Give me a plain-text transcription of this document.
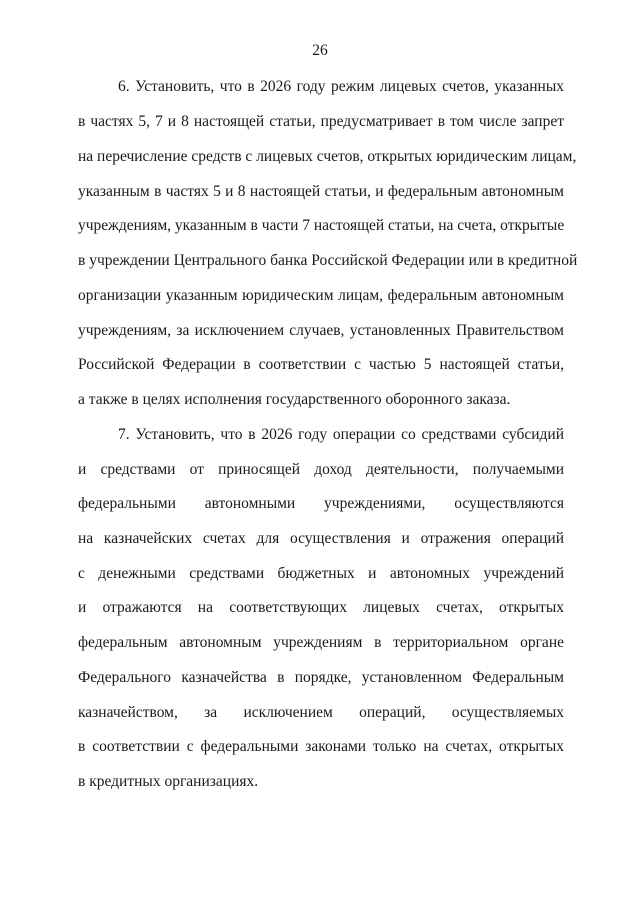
26
6. Установить, что в 2026 году режим лицевых счетов, указанных
в частях 5, 7 и 8 настоящей статьи, предусматривает в том числе запрет
на перечисление средств с лицевых счетов, открытых юридическим лицам,
указанным в частях 5 и 8 настоящей статьи, и федеральным автономным
учреждениям, указанным в части 7 настоящей статьи, на счета, открытые
в учреждении Центрального банка Российской Федерации или в кредитной
организации указанным юридическим лицам, федеральным автономным
учреждениям, за исключением случаев, установленных Правительством
Российской Федерации в соответствии с частью 5 настоящей статьи,
а также в целях исполнения государственного оборонного заказа.
7. Установить, что в 2026 году операции со средствами субсидий
и средствами от приносящей доход деятельности, получаемыми
федеральными автономными учреждениями, осуществляются
на казначейских счетах для осуществления и отражения операций
с денежными средствами бюджетных и автономных учреждений
и отражаются на соответствующих лицевых счетах, открытых
федеральным автономным учреждениям в территориальном органе
Федерального казначейства в порядке, установленном Федеральным
казначейством, за исключением операций, осуществляемых
в соответствии с федеральными законами только на счетах, открытых
в кредитных организациях.
